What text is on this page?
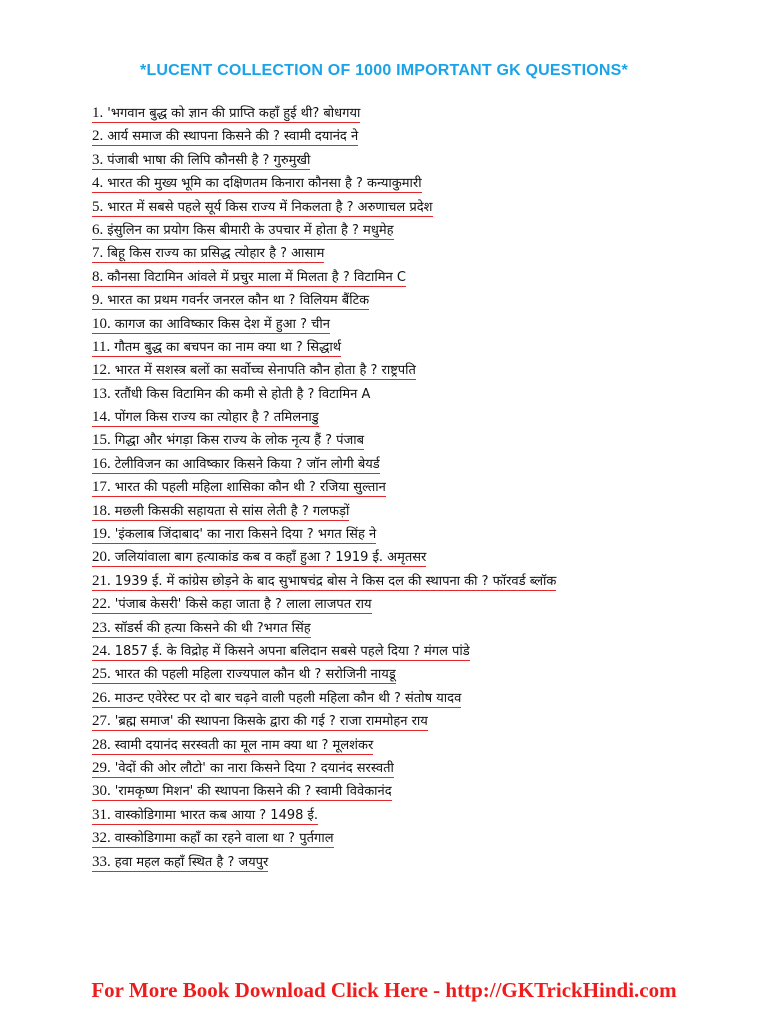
*LUCENT COLLECTION OF 1000 IMPORTANT GK QUESTIONS*
1. 'भगवान बुद्ध को ज्ञान की प्राप्ति कहाँ हुई थी? बोधगया
2. आर्य समाज की स्थापना किसने की ? स्वामी दयानंद ने
3. पंजाबी भाषा की लिपि कौनसी है ? गुरुमुखी
4. भारत की मुख्य भूमि का दक्षिणतम किनारा कौनसा है ? कन्याकुमारी
5. भारत में सबसे पहले सूर्य किस राज्य में निकलता है ? अरुणाचल प्रदेश
6. इंसुलिन का प्रयोग किस बीमारी के उपचार में होता है ? मधुमेह
7. बिहू किस राज्य का प्रसिद्ध त्योहार है ? आसाम
8. कौनसा विटामिन आंवले में प्रचुर माला में मिलता है ? विटामिन C
9. भारत का प्रथम गवर्नर जनरल कौन था ? विलियम बैंटिक
10. कागज का आविष्कार किस देश में हुआ ? चीन
11. गौतम बुद्ध का बचपन का नाम क्या था ? सिद्धार्थ
12. भारत में सशस्त्र बलों का सर्वोच्च सेनापति कौन होता है ? राष्ट्रपति
13. रतौंधी किस विटामिन की कमी से होती है ? विटामिन A
14. पोंगल किस राज्य का त्योहार है ? तमिलनाडु
15. गिद्धा और भंगड़ा किस राज्य के लोक नृत्य हैं ? पंजाब
16. टेलीविजन का आविष्कार किसने किया ? जॉन लोगी बेयर्ड
17. भारत की पहली महिला शासिका कौन थी ? रजिया सुल्तान
18. मछली किसकी सहायता से सांस लेती है ? गलफड़ों
19. 'इंकलाब जिंदाबाद' का नारा किसने दिया ? भगत सिंह ने
20. जलियांवाला बाग हत्याकांड कब व कहाँ हुआ ? 1919 ई. अमृतसर
21. 1939 ई. में कांग्रेस छोड़ने के बाद सुभाषचंद्र बोस ने किस दल की स्थापना की ? फॉरवर्ड ब्लॉक
22. 'पंजाब केसरी' किसे कहा जाता है ? लाला लाजपत राय
23. सॉडर्स की हत्या किसने की थी ?भगत सिंह
24. 1857 ई. के विद्रोह में किसने अपना बलिदान सबसे पहले दिया ? मंगल पांडे
25. भारत की पहली महिला राज्यपाल कौन थी ? सरोजिनी नायडू
26. माउन्ट एवेरेस्ट पर दो बार चढ़ने वाली पहली महिला कौन थी ? संतोष यादव
27. 'ब्रह्म समाज' की स्थापना किसके द्वारा की गई ? राजा राममोहन राय
28. स्वामी दयानंद सरस्वती का मूल नाम क्या था ? मूलशंकर
29. 'वेदों की ओर लौटो' का नारा किसने दिया ? दयानंद सरस्वती
30. 'रामकृष्ण मिशन' की स्थापना किसने की ? स्वामी विवेकानंद
31. वास्कोडिगामा भारत कब आया ? 1498 ई.
32. वास्कोडिगामा कहाँ का रहने वाला था ? पुर्तगाल
33. हवा महल कहाँ स्थित है ? जयपुर
For More Book Download Click Here - http://GKTrickHindi.com
